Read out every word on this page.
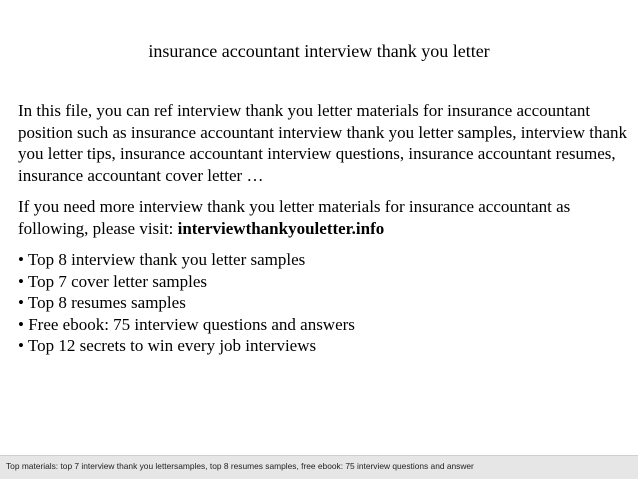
insurance accountant interview thank you letter

In this file, you can ref interview thank you letter materials for insurance accountant position such as insurance accountant interview thank you letter samples, interview thank you letter tips, insurance accountant interview questions, insurance accountant resumes, insurance accountant cover letter …

If you need more interview thank you letter materials for insurance accountant as following, please visit: interviewthankyouletter.info

• Top 8 interview thank you letter samples
• Top 7 cover letter samples
• Top 8 resumes samples
• Free ebook: 75 interview questions and answers
• Top 12 secrets to win every job interviews
Top materials: top 7 interview thank you lettersamples, top 8 resumes samples, free ebook: 75 interview questions and answer
